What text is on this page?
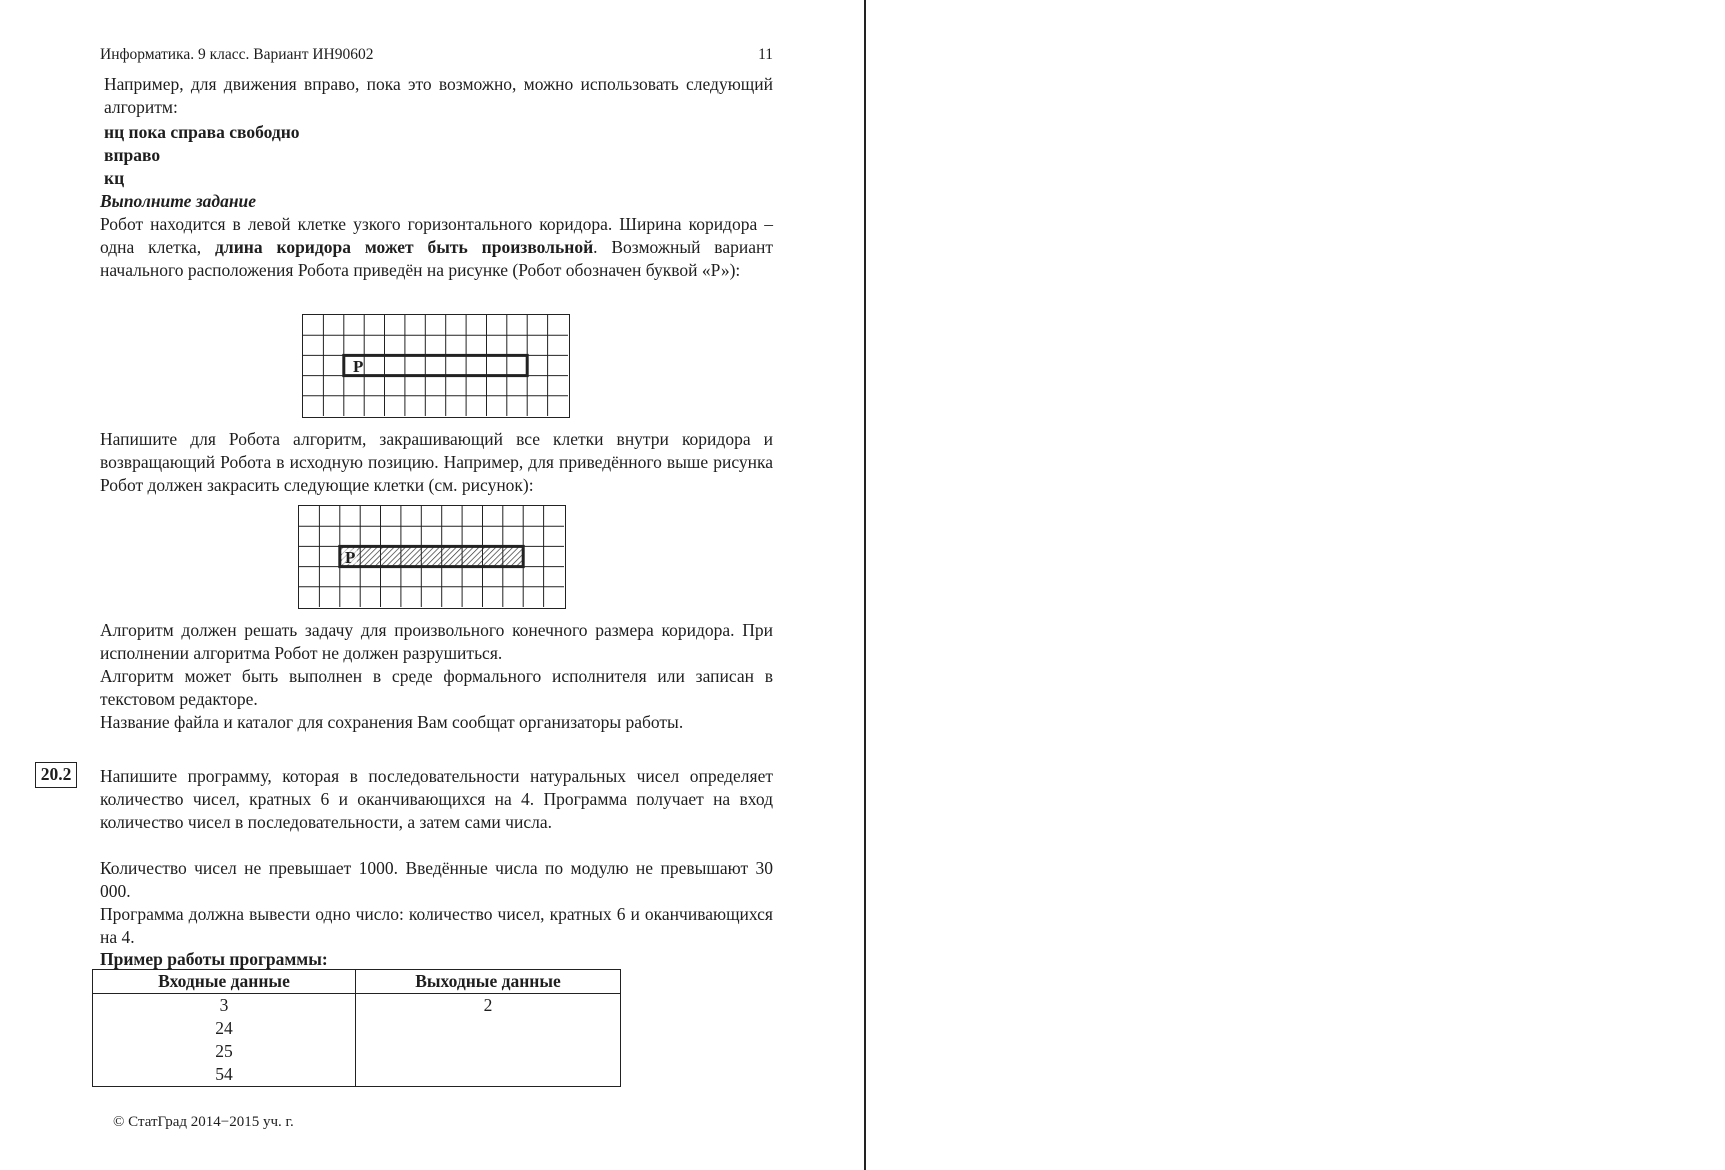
Информатика. 9 класс. Вариант ИН90602	11
Например, для движения вправо, пока это возможно, можно использовать следующий алгоритм:
нц пока справа свободно
вправо
кц
Выполните задание
Робот находится в левой клетке узкого горизонтального коридора. Ширина коридора – одна клетка, длина коридора может быть произвольной. Возможный вариант начального расположения Робота приведён на рисунке (Робот обозначен буквой «Р»):
Р
Напишите для Робота алгоритм, закрашивающий все клетки внутри коридора и возвращающий Робота в исходную позицию. Например, для приведённого выше рисунка Робот должен закрасить следующие клетки (см. рисунок):
Р
Алгоритм должен решать задачу для произвольного конечного размера коридора. При исполнении алгоритма Робот не должен разрушиться.
Алгоритм может быть выполнен в среде формального исполнителя или записан в текстовом редакторе.
Название файла и каталог для сохранения Вам сообщат организаторы работы.
20.2	Напишите программу, которая в последовательности натуральных чисел определяет количество чисел, кратных 6 и оканчивающихся на 4. Программа получает на вход количество чисел в последовательности, а затем сами числа.
Количество чисел не превышает 1000. Введённые числа по модулю не превышают 30 000.
Программа должна вывести одно число: количество чисел, кратных 6 и оканчивающихся на 4.
Пример работы программы:
Входные данные	Выходные данные
3	2
24	
25	
54	
© СтатГрад 2014−2015 уч. г.
